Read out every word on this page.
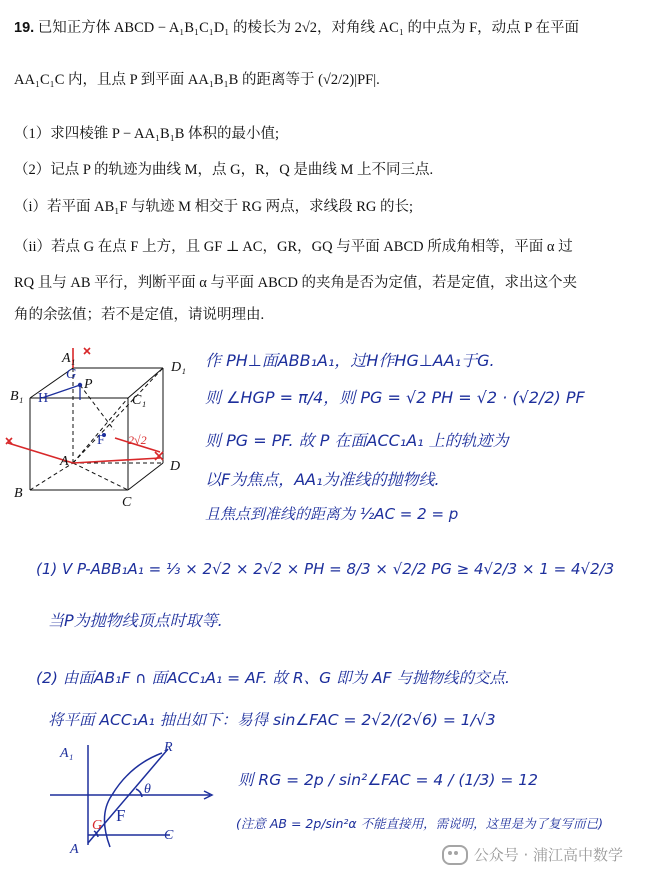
19. 已知正方体 ABCD − A₁B₁C₁D₁ 的棱长为 2√2，对角线 AC₁ 的中点为 F，动点 P 在平面
AA₁C₁C 内，且点 P 到平面 AA₁B₁B 的距离等于 (√2/2)|PF|.
（1）求四棱锥 P − AA₁B₁B 体积的最小值;
（2）记点 P 的轨迹为曲线 M，点 G，R，Q 是曲线 M 上不同三点.
（i）若平面 AB₁F 与轨迹 M 相交于 RG 两点，求线段 RG 的长;
（ii）若点 G 在点 F 上方，且 GF ⊥ AC，GR，GQ 与平面 ABCD 所成角相等，平面 α 过
RQ 且与 AB 平行，判断平面 α 与平面 ABCD 的夹角是否为定值，若是定值，求出这个夹
角的余弦值；若不是定值，请说明理由.
A₁
D₁
B₁	C₁
P
G
H
F
A
B
C
D
2√2
作 PH⊥面ABB₁A₁，过H作HG⊥AA₁于G.
则 ∠HGP = π/4，则 PG = √2 PH = √2 · (√2/2) PF
则 PG = PF. 故 P 在面ACC₁A₁ 上的轨迹为
以F为焦点，AA₁为准线的抛物线.
且焦点到准线的距离为 ½AC = 2 = p
(1) V P-ABB₁A₁ = ⅓ × 2√2 × 2√2 × PH = 8/3 × √2/2 PG ≥ 4√2/3 × 1 = 4√2/3
当P为抛物线顶点时取等.
(2) 由面AB₁F ∩ 面ACC₁A₁ = AF. 故 R、G 即为 AF 与抛物线的交点.
将平面 ACC₁A₁ 抽出如下：易得 sin∠FAC = 2√2/(2√6) = 1/√3
则 RG = 2p / sin²∠FAC = 4 / (1/3) = 12
(注意 AB = 2p/sin²α 不能直接用，需说明，这里是为了复写而已)
A₁
A
R
F
G
C
θ
公众号 · 浦江高中数学
